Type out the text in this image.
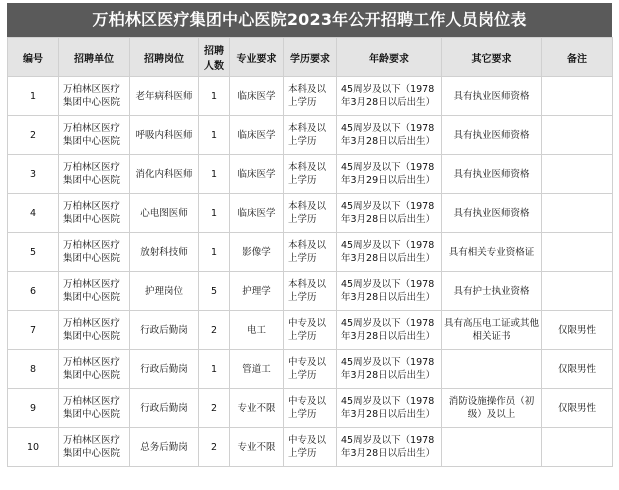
万柏林区医疗集团中心医院2023年公开招聘工作人员岗位表
编号	招聘单位	招聘岗位	招聘人数	专业要求	学历要求	年龄要求	其它要求	备注
1	万柏林区医疗集团中心医院	老年病科医师	1	临床医学	本科及以上学历	45周岁及以下（1978年3月28日以后出生）	具有执业医师资格	
2	万柏林区医疗集团中心医院	呼吸内科医师	1	临床医学	本科及以上学历	45周岁及以下（1978年3月28日以后出生）	具有执业医师资格	
3	万柏林区医疗集团中心医院	消化内科医师	1	临床医学	本科及以上学历	45周岁及以下（1978年3月29日以后出生）	具有执业医师资格	
4	万柏林区医疗集团中心医院	心电图医师	1	临床医学	本科及以上学历	45周岁及以下（1978年3月28日以后出生）	具有执业医师资格	
5	万柏林区医疗集团中心医院	放射科技师	1	影像学	本科及以上学历	45周岁及以下（1978年3月28日以后出生）	具有相关专业资格证	
6	万柏林区医疗集团中心医院	护理岗位	5	护理学	本科及以上学历	45周岁及以下（1978年3月28日以后出生）	具有护士执业资格	
7	万柏林区医疗集团中心医院	行政后勤岗	2	电工	中专及以上学历	45周岁及以下（1978年3月28日以后出生）	具有高压电工证或其他相关证书	仅限男性
8	万柏林区医疗集团中心医院	行政后勤岗	1	管道工	中专及以上学历	45周岁及以下（1978年3月28日以后出生）		仅限男性
9	万柏林区医疗集团中心医院	行政后勤岗	2	专业不限	中专及以上学历	45周岁及以下（1978年3月28日以后出生）	消防设施操作员（初级）及以上	仅限男性
10	万柏林区医疗集团中心医院	总务后勤岗	2	专业不限	中专及以上学历	45周岁及以下（1978年3月28日以后出生）		
